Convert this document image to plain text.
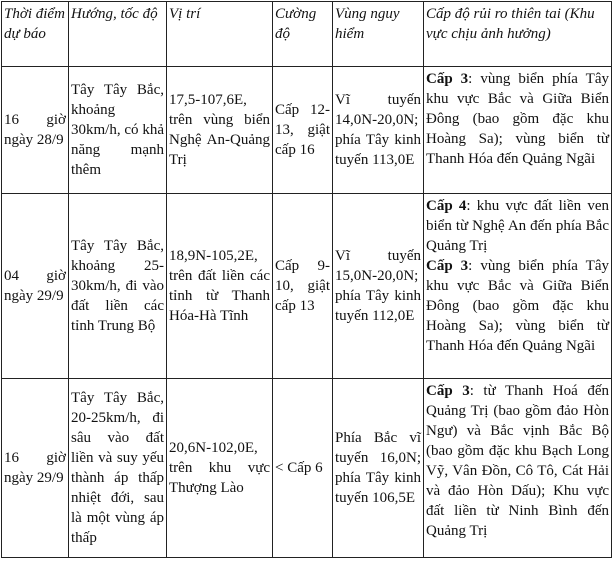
Thời điểm dự báo	Hướng, tốc độ	Vị trí	Cường độ	Vùng nguy hiểm	Cấp độ rủi ro thiên tai (Khu vực chịu ảnh hưởng)
16 giờ ngày 28/9	Tây Tây Bắc, khoảng 30km/h, có khả năng mạnh thêm	17,5-107,6E, trên vùng biển Nghệ An-Quảng Trị	Cấp 12-13, giật cấp 16	Vĩ tuyến 14,0N-20,0N; phía Tây kinh tuyến 113,0E	Cấp 3: vùng biển phía Tây khu vực Bắc và Giữa Biển Đông (bao gồm đặc khu Hoàng Sa); vùng biển từ Thanh Hóa đến Quảng Ngãi

04 giờ ngày 29/9	Tây Tây Bắc, khoảng 25-30km/h, đi vào đất liền các tỉnh Trung Bộ	18,9N-105,2E, trên đất liền các tỉnh từ Thanh Hóa-Hà Tĩnh	Cấp 9-10, giật cấp 13	Vĩ tuyến 15,0N-20,0N; phía Tây kinh tuyến 112,0E	Cấp 4: khu vực đất liền ven biển từ Nghệ An đến phía Bắc Quảng Trị
Cấp 3: vùng biển phía Tây khu vực Bắc và Giữa Biển Đông (bao gồm đặc khu Hoàng Sa); vùng biển từ Thanh Hóa đến Quảng Ngãi

16 giờ ngày 29/9	Tây Tây Bắc, 20-25km/h, đi sâu vào đất liền và suy yếu thành áp thấp nhiệt đới, sau là một vùng áp thấp	20,6N-102,0E, trên khu vực Thượng Lào	< Cấp 6	Phía Bắc vĩ tuyến 16,0N; phía Tây kinh tuyến 106,5E	Cấp 3: từ Thanh Hoá đến Quảng Trị (bao gồm đảo Hòn Ngư) và Bắc vịnh Bắc Bộ (bao gồm đặc khu Bạch Long Vỹ, Vân Đồn, Cô Tô, Cát Hải và đảo Hòn Dấu); Khu vực đất liền từ Ninh Bình đến Quảng Trị
